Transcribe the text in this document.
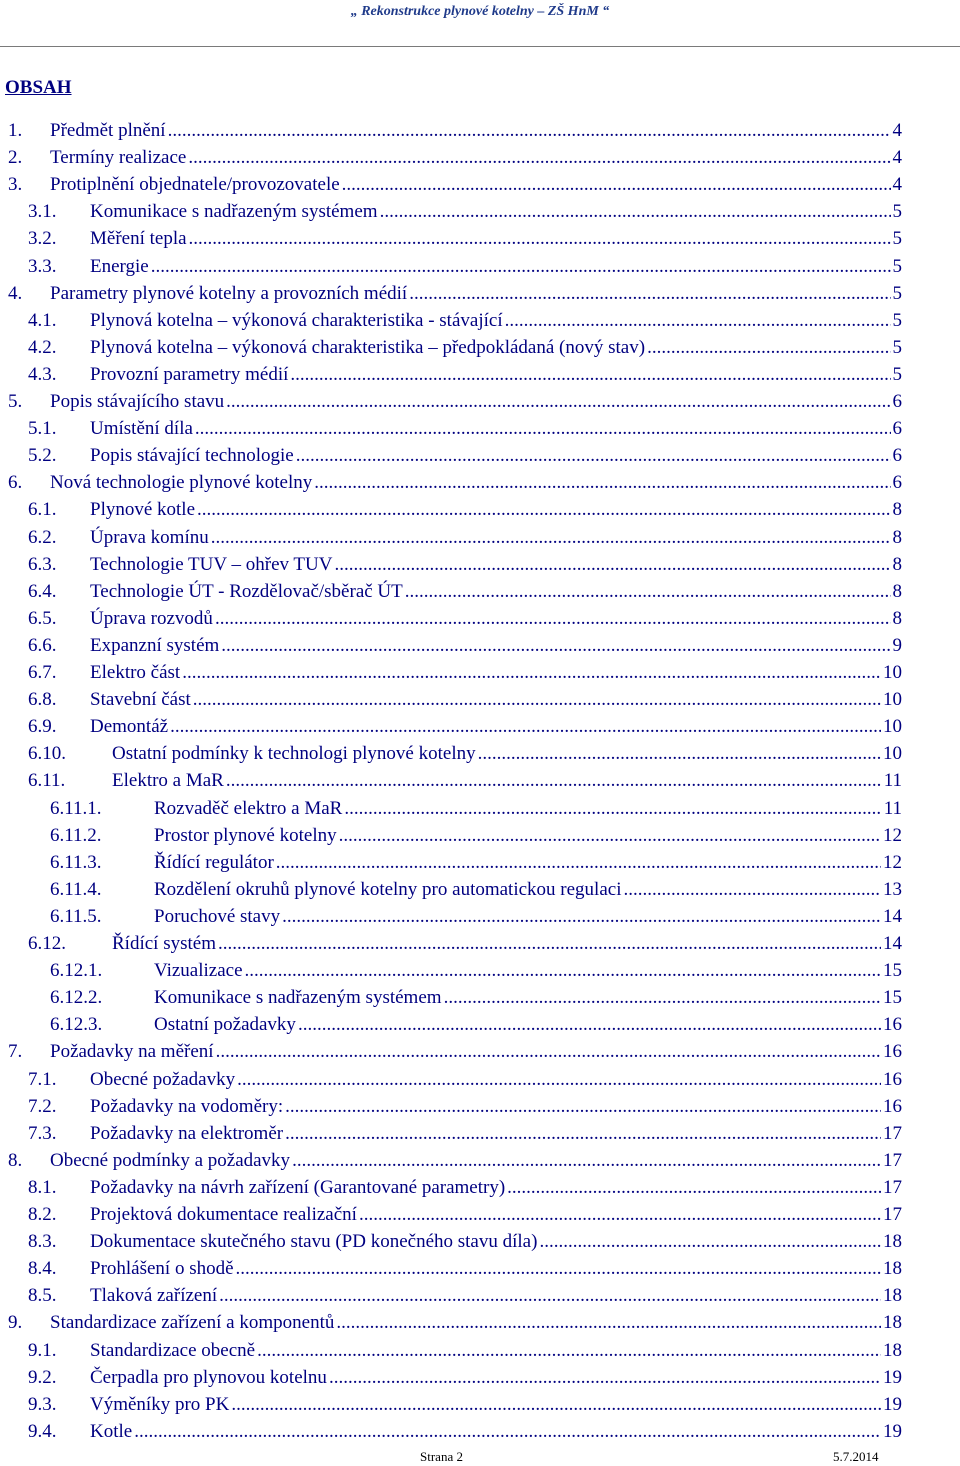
„ Rekonstrukce plynové kotelny – ZŠ HnM “
OBSAH
1.	Předmět plnění .....	4
2.	Termíny realizace .....	4
3.	Protiplnění objednatele/provozovatele .....	4
3.1.	Komunikace s nadřazeným systémem .....	5
3.2.	Měření tepla .....	5
3.3.	Energie .....	5
4.	Parametry plynové kotelny a provozních médií .....	5
4.1.	Plynová kotelna – výkonová charakteristika - stávající .....	5
4.2.	Plynová kotelna – výkonová charakteristika – předpokládaná (nový stav) .....	5
4.3.	Provozní parametry médií .....	5
5.	Popis stávajícího stavu .....	6
5.1.	Umístění díla .....	6
5.2.	Popis stávající technologie .....	6
6.	Nová technologie plynové kotelny .....	6
6.1.	Plynové kotle .....	8
6.2.	Úprava komínu .....	8
6.3.	Technologie TUV – ohřev TUV .....	8
6.4.	Technologie ÚT - Rozdělovač/sběrač ÚT .....	8
6.5.	Úprava rozvodů .....	8
6.6.	Expanzní systém .....	9
6.7.	Elektro část .....	10
6.8.	Stavební část .....	10
6.9.	Demontáž .....	10
6.10.	Ostatní podmínky k technologi plynové kotelny .....	10
6.11.	Elektro a MaR .....	11
6.11.1.	Rozvaděč elektro a MaR .....	11
6.11.2.	Prostor plynové kotelny .....	12
6.11.3.	Řídící regulátor .....	12
6.11.4.	Rozdělení okruhů plynové kotelny pro automatickou regulaci .....	13
6.11.5.	Poruchové stavy .....	14
6.12.	Řídící systém .....	14
6.12.1.	Vizualizace .....	15
6.12.2.	Komunikace s nadřazeným systémem .....	15
6.12.3.	Ostatní požadavky .....	16
7.	Požadavky na měření .....	16
7.1.	Obecné požadavky .....	16
7.2.	Požadavky na vodoměry: .....	16
7.3.	Požadavky na elektroměr .....	17
8.	Obecné podmínky a požadavky .....	17
8.1.	Požadavky na návrh zařízení (Garantované parametry) .....	17
8.2.	Projektová dokumentace realizační .....	17
8.3.	Dokumentace skutečného stavu (PD konečného stavu díla) .....	18
8.4.	Prohlášení o shodě .....	18
8.5.	Tlaková zařízení .....	18
9.	Standardizace zařízení a komponentů .....	18
9.1.	Standardizace obecně .....	18
9.2.	Čerpadla pro plynovou kotelnu .....	19
9.3.	Výměníky pro PK .....	19
9.4.	Kotle .....	19
Strana 2	5.7.2014
